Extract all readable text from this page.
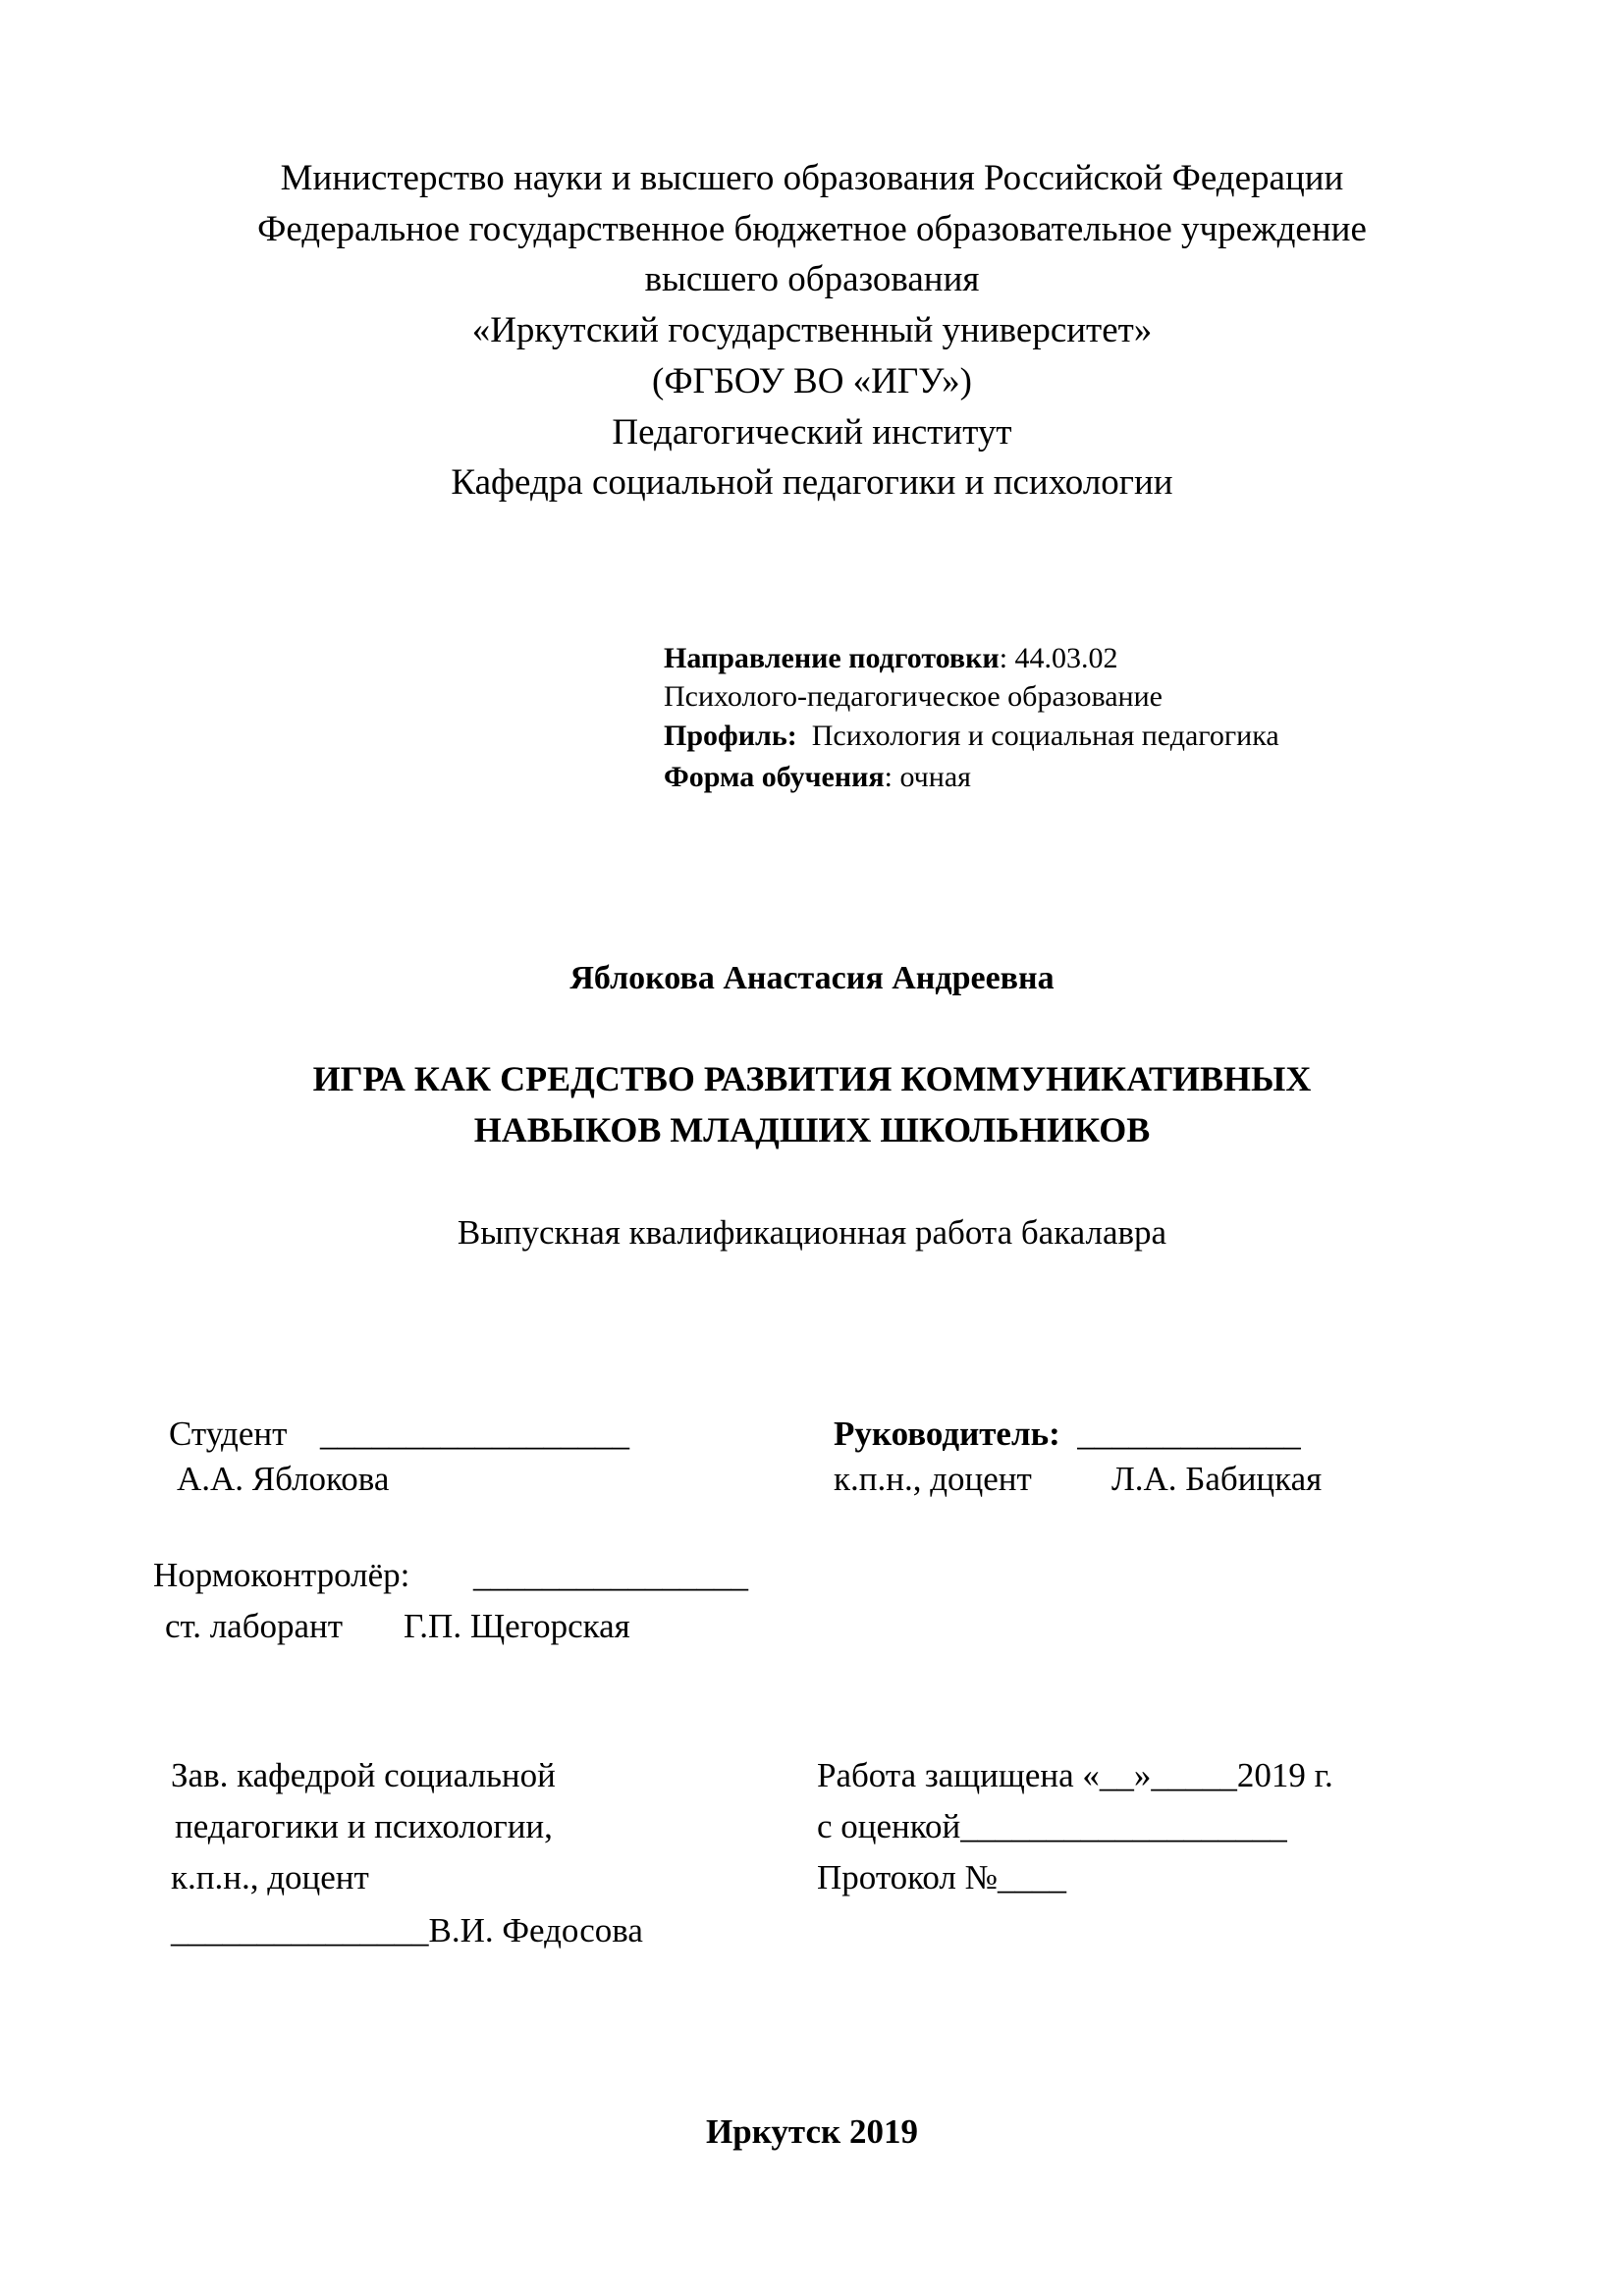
Министерство науки и высшего образования Российской Федерации
Федеральное государственное бюджетное образовательное учреждение
высшего образования
«Иркутский государственный университет»
(ФГБОУ ВО «ИГУ»)
Педагогический институт
Кафедра социальной педагогики и психологии
Направление подготовки: 44.03.02
Психолого-педагогическое образование
Профиль: Психология и социальная педагогика
Форма обучения: очная
Яблокова Анастасия Андреевна
ИГРА КАК СРЕДСТВО РАЗВИТИЯ КОММУНИКАТИВНЫХ
НАВЫКОВ МЛАДШИХ ШКОЛЬНИКОВ
Выпускная квалификационная работа бакалавра
Студент __________________
А.А. Яблокова
Руководитель: _____________
к.п.н., доцент Л.А. Бабицкая
Нормоконтролёр: ________________
ст. лаборант Г.П. Щегорская
Зав. кафедрой социальной
педагогики и психологии,
к.п.н., доцент
_______________В.И. Федосова
Работа защищена «__»_____2019 г.
с оценкой___________________
Протокол №____
Иркутск 2019
